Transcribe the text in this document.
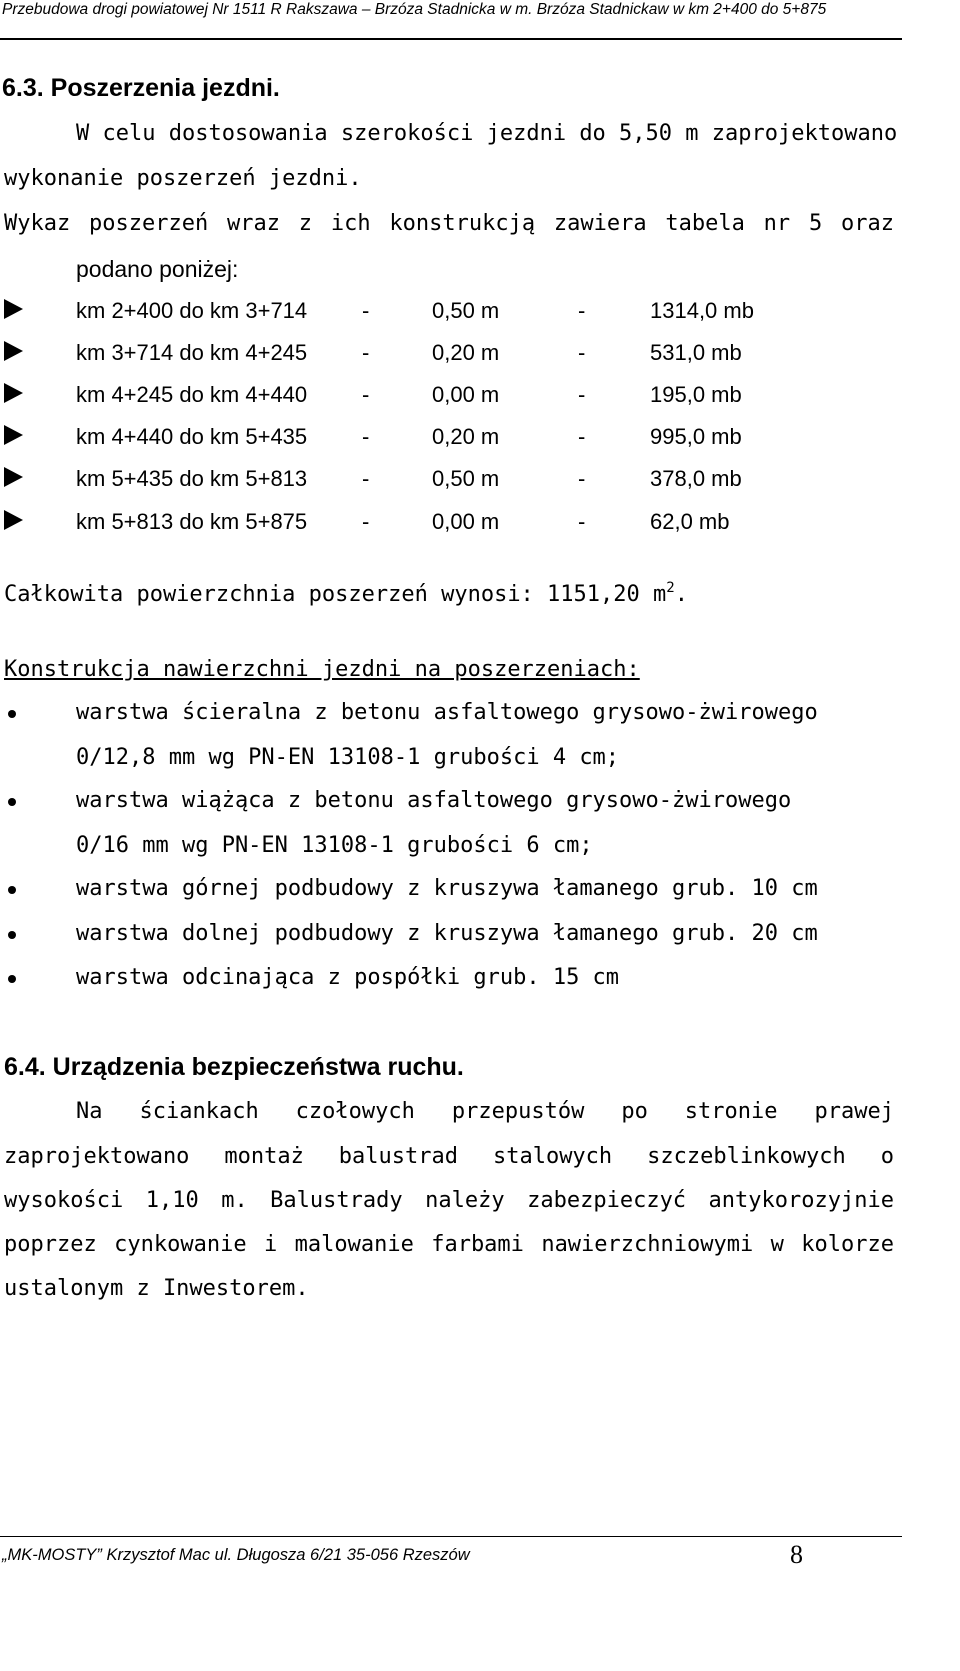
Przebudowa drogi powiatowej Nr 1511 R Rakszawa – Brzóza Stadnicka w m. Brzóza Stadnickaw w km 2+400 do 5+875
6.3. Poszerzenia jezdni.
W celu dostosowania szerokości jezdni do 5,50 m zaprojektowano
wykonanie poszerzeń jezdni.
Wykaz poszerzeń wraz z ich konstrukcją zawiera tabela nr 5 oraz
podano poniżej:
km 2+400 do km 3+714 -	0,50 m	-	1314,0 mb
km 3+714 do km 4+245 -	0,20 m	-	531,0 mb
km 4+245 do km 4+440 -	0,00 m	-	195,0 mb
km 4+440 do km 5+435 -	0,20 m	-	995,0 mb
km 5+435 do km 5+813 -	0,50 m	-	378,0 mb
km 5+813 do km 5+875 -	0,00 m	-	62,0 mb
Całkowita powierzchnia poszerzeń wynosi: 1151,20 $m^2$.
Konstrukcja nawierzchni jezdni na poszerzeniach:
warstwa ścieralna z betonu asfaltowego grysowo-żwirowego
0/12,8 mm wg PN-EN 13108-1 grubości 4 cm;
warstwa wiążąca z betonu asfaltowego grysowo-żwirowego
0/16 mm wg PN-EN 13108-1 grubości 6 cm;
warstwa górnej podbudowy z kruszywa łamanego grub. 10 cm
warstwa dolnej podbudowy z kruszywa łamanego grub. 20 cm
warstwa odcinająca z pospółki grub. 15 cm
6.4. Urządzenia bezpieczeństwa ruchu.
Na ściankach czołowych przepustów po stronie prawej
zaprojektowano montaż balustrad stalowych szczeblinkowych o
wysokości 1,10 m. Balustrady należy zabezpieczyć antykorozyjnie
poprzez cynkowanie i malowanie farbami nawierzchniowymi w kolorze
ustalonym z Inwestorem.
„MK-MOSTY” Krzysztof Mac ul. Długosza 6/21 35-056 Rzeszów	8
